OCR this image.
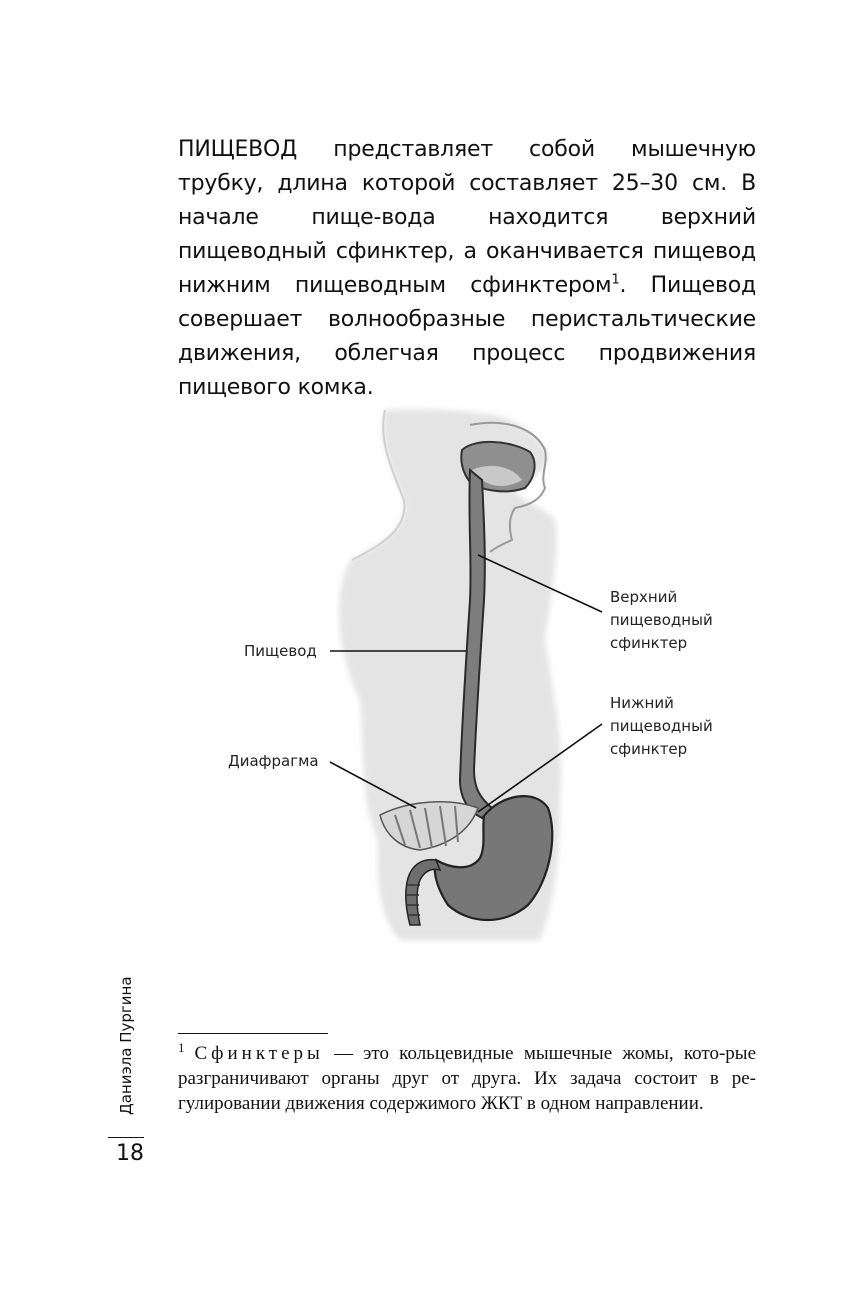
ПИЩЕВОД представляет собой мышечную трубку, длина которой составляет 25–30 см. В начале пище-вода находится верхний пищеводный сфинктер, а оканчивается пищевод нижним пищеводным сфинктером$^1$. Пищевод совершает волнообразные перистальтические движения, облегчая процесс продвижения пищевого комка.

Пищевод
Диафрагма
Верхний
пищеводный
сфинктер
Нижний
пищеводный
сфинктер

$^1$ Сфинктеры — это кольцевидные мышечные жомы, кото-рые разграничивают органы друг от друга. Их задача состоит в ре-гулировании движения содержимого ЖКТ в одном направлении.

Даниэла Пургина
18
